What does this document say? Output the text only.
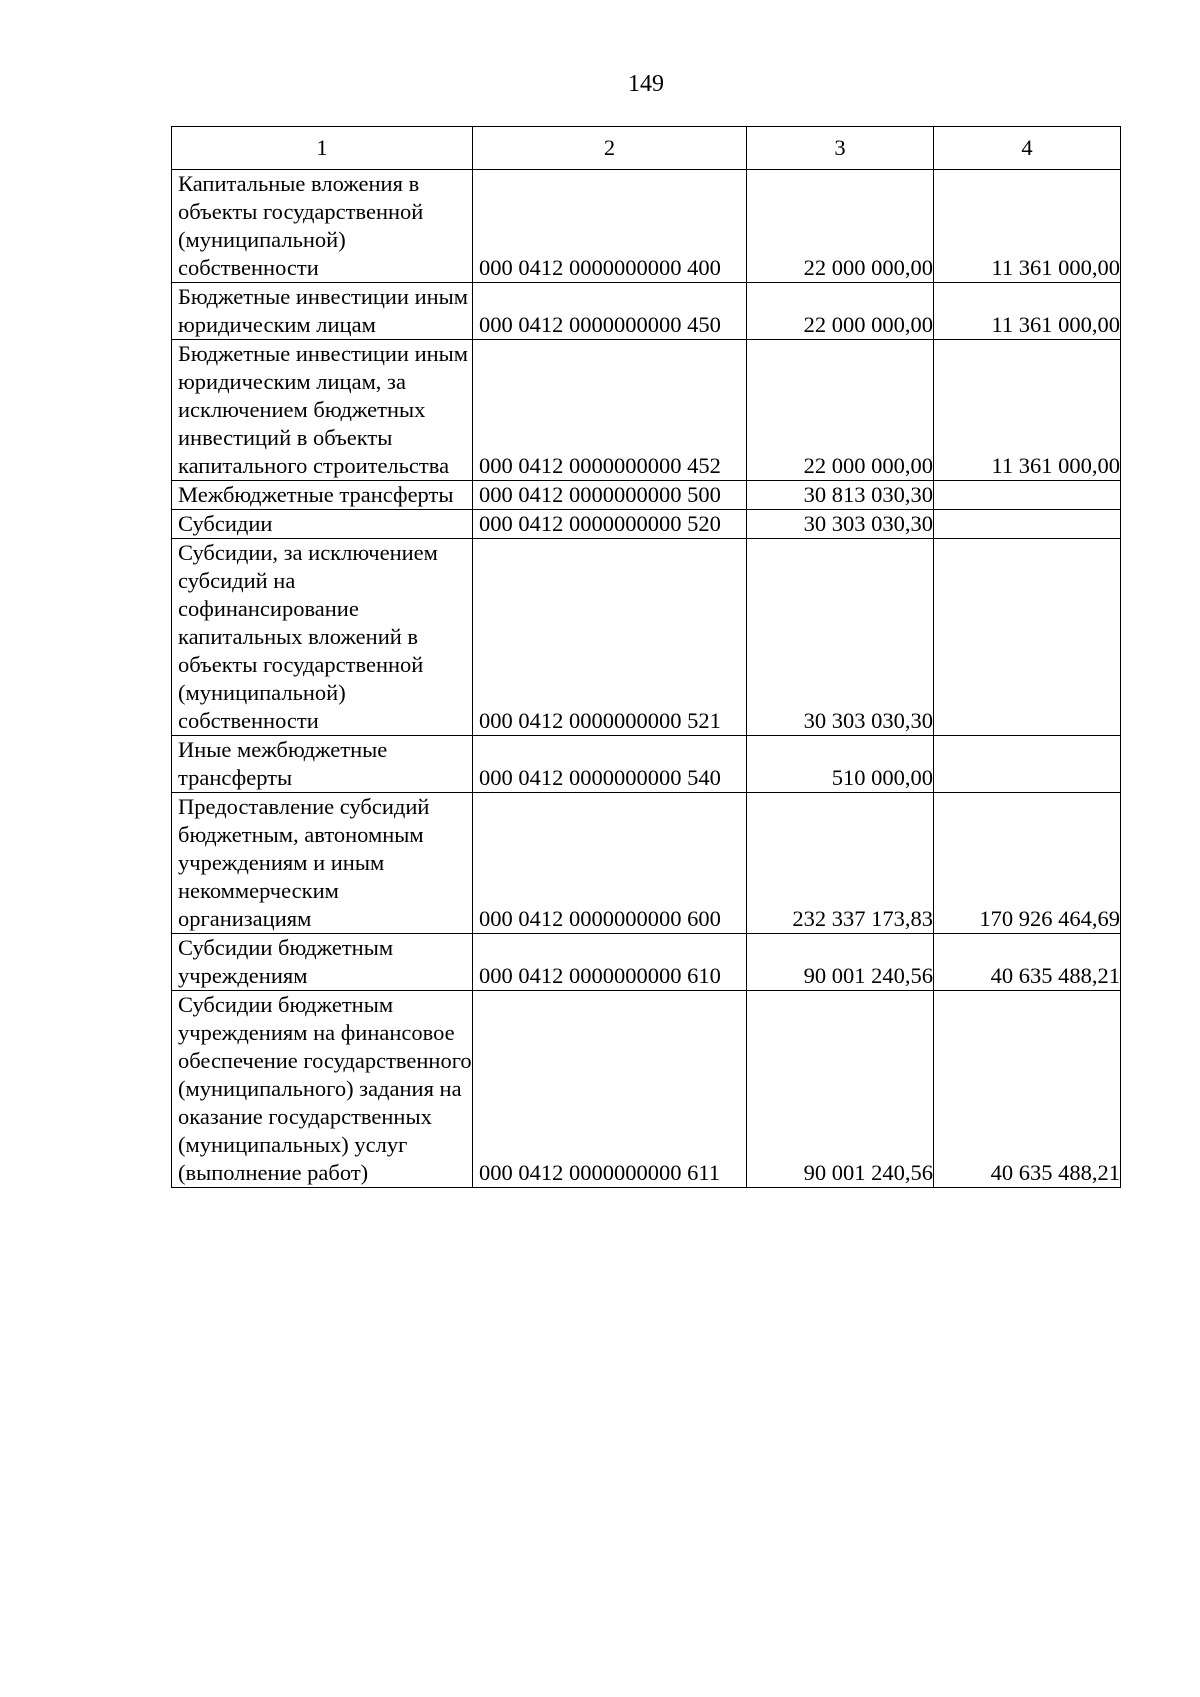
149
1	2	3	4
Капитальные вложения в объекты государственной (муниципальной) собственности	000 0412 0000000000 400	22 000 000,00	11 361 000,00
Бюджетные инвестиции иным юридическим лицам	000 0412 0000000000 450	22 000 000,00	11 361 000,00
Бюджетные инвестиции иным юридическим лицам, за исключением бюджетных инвестиций в объекты капитального строительства	000 0412 0000000000 452	22 000 000,00	11 361 000,00
Межбюджетные трансферты	000 0412 0000000000 500	30 813 030,30	
Субсидии	000 0412 0000000000 520	30 303 030,30	
Субсидии, за исключением субсидий на софинансирование капитальных вложений в объекты государственной (муниципальной) собственности	000 0412 0000000000 521	30 303 030,30	
Иные межбюджетные трансферты	000 0412 0000000000 540	510 000,00	
Предоставление субсидий бюджетным, автономным учреждениям и иным некоммерческим организациям	000 0412 0000000000 600	232 337 173,83	170 926 464,69
Субсидии бюджетным учреждениям	000 0412 0000000000 610	90 001 240,56	40 635 488,21
Субсидии бюджетным учреждениям на финансовое обеспечение государственного (муниципального) задания на оказание государственных (муниципальных) услуг (выполнение работ)	000 0412 0000000000 611	90 001 240,56	40 635 488,21
